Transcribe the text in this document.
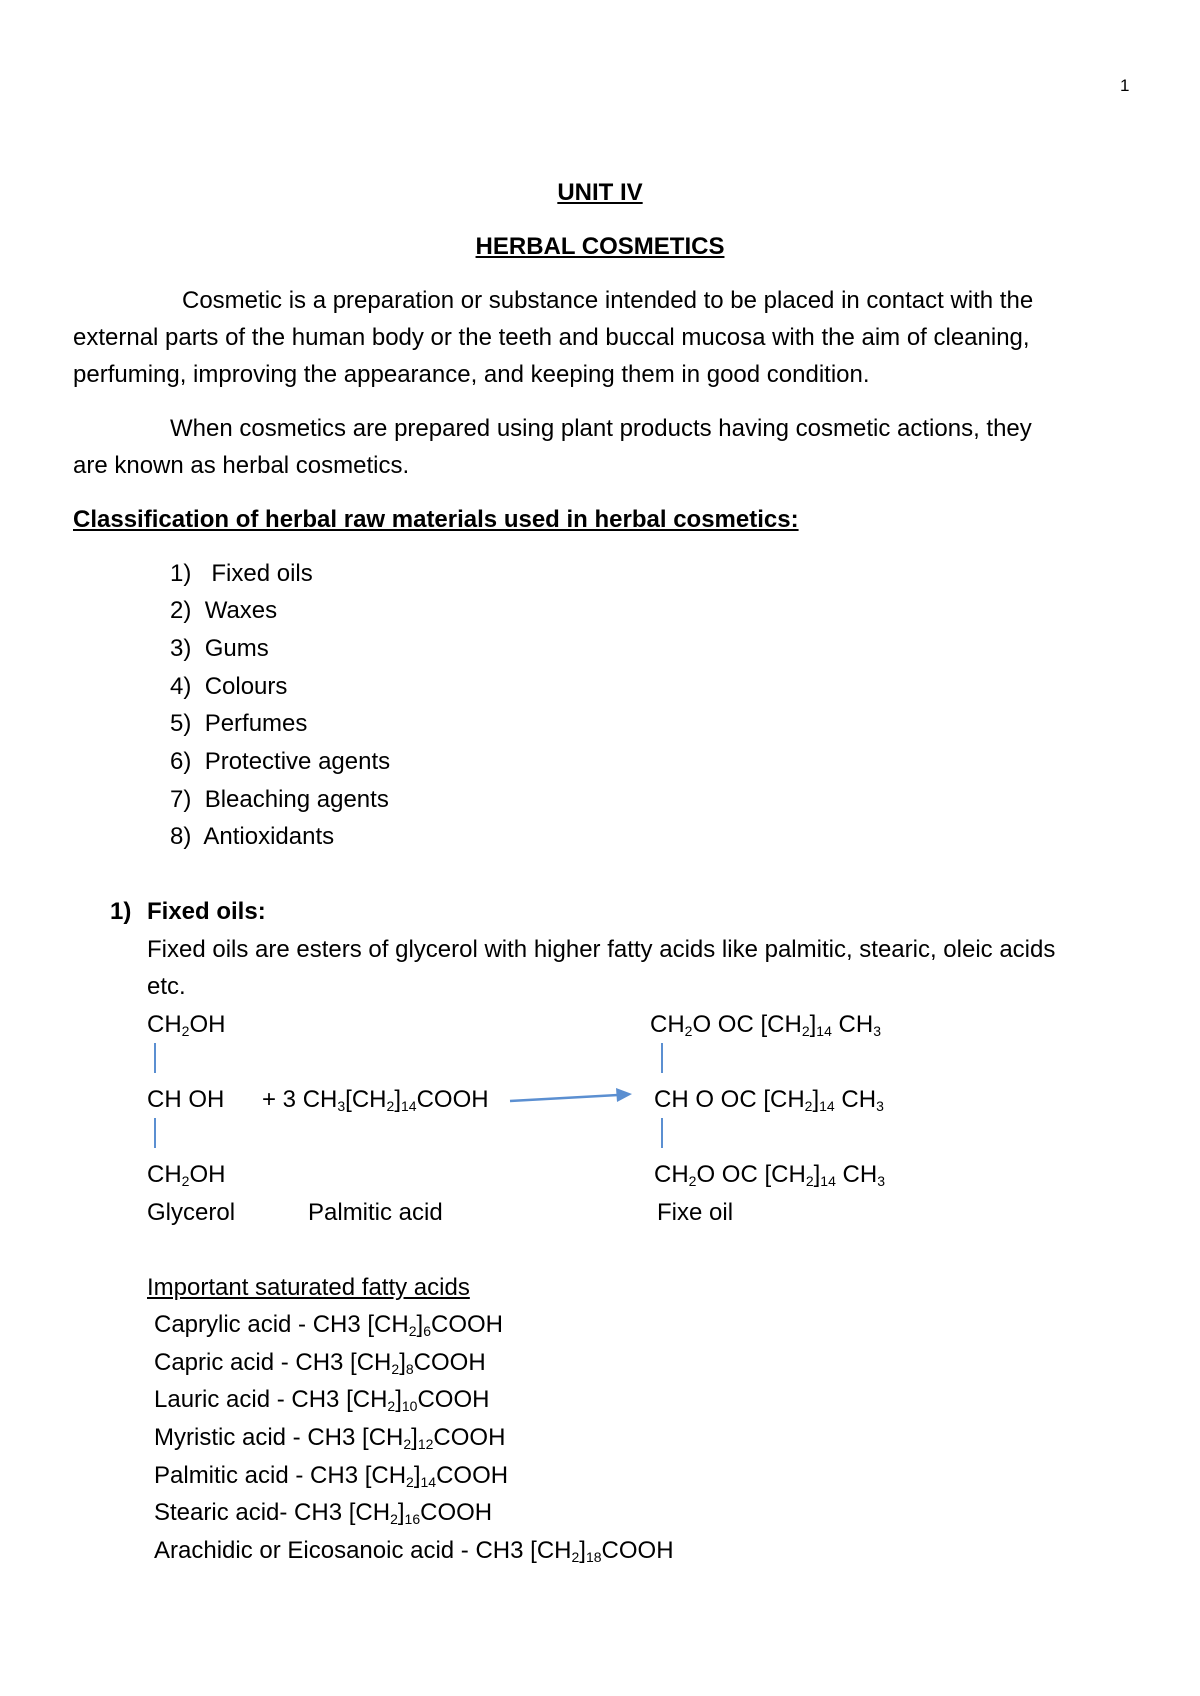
1
UNIT IV
HERBAL COSMETICS
Cosmetic is a preparation or substance intended to be placed in contact with the
external parts of the human body or the teeth and buccal mucosa with the aim of cleaning,
perfuming, improving the appearance, and keeping them in good condition.
When cosmetics are prepared using plant products having cosmetic actions, they
are known as herbal cosmetics.
Classification of herbal raw materials used in herbal cosmetics:
1) Fixed oils
2) Waxes
3) Gums
4) Colours
5) Perfumes
6) Protective agents
7) Bleaching agents
8) Antioxidants
1) Fixed oils:
Fixed oils are esters of glycerol with higher fatty acids like palmitic, stearic, oleic acids
etc.
$CH_2OH$
CH OH
$CH_2OH$
+ 3 $CH_3[CH_2]_{14}COOH$
$CH_2O$ OC $[CH_2]_{14}$ $CH_3$
CH O OC $[CH_2]_{14}$ $CH_3$
$CH_2O$ OC $[CH_2]_{14}$ $CH_3$
Glycerol	Palmitic acid	Fixe oil
Important saturated fatty acids
Caprylic acid - CH3 $[CH_2]_6COOH$
Capric acid - CH3 $[CH_2]_8COOH$
Lauric acid - CH3 $[CH_2]_{10}COOH$
Myristic acid - CH3 $[CH_2]_{12}COOH$
Palmitic acid - CH3 $[CH_2]_{14}COOH$
Stearic acid- CH3 $[CH_2]_{16}COOH$
Arachidic or Eicosanoic acid - CH3 $[CH_2]_{18}COOH$
